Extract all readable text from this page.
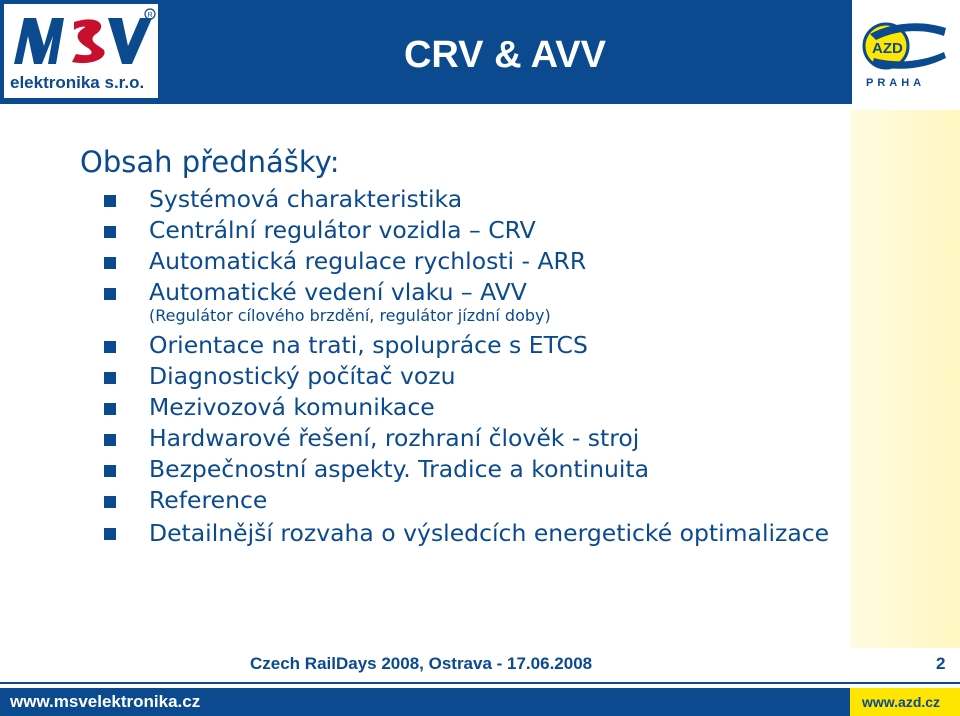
R
elektronika s.r.o.
CRV & AVV	AZD
PRAHA
Obsah přednášky:
Systémová charakteristika
Centrální regulátor vozidla – CRV
Automatická regulace rychlosti - ARR
Automatické vedení vlaku – AVV
(Regulátor cílového brzdění, regulátor jízdní doby)
Orientace na trati, spolupráce s ETCS
Diagnostický počítač vozu
Mezivozová komunikace
Hardwarové řešení, rozhraní člověk - stroj
Bezpečnostní aspekty. Tradice a kontinuita
Reference
Detailnější rozvaha o výsledcích energetické optimalizace
Czech RailDays 2008, Ostrava - 17.06.2008	2
www.msvelektronika.cz	www.azd.cz
